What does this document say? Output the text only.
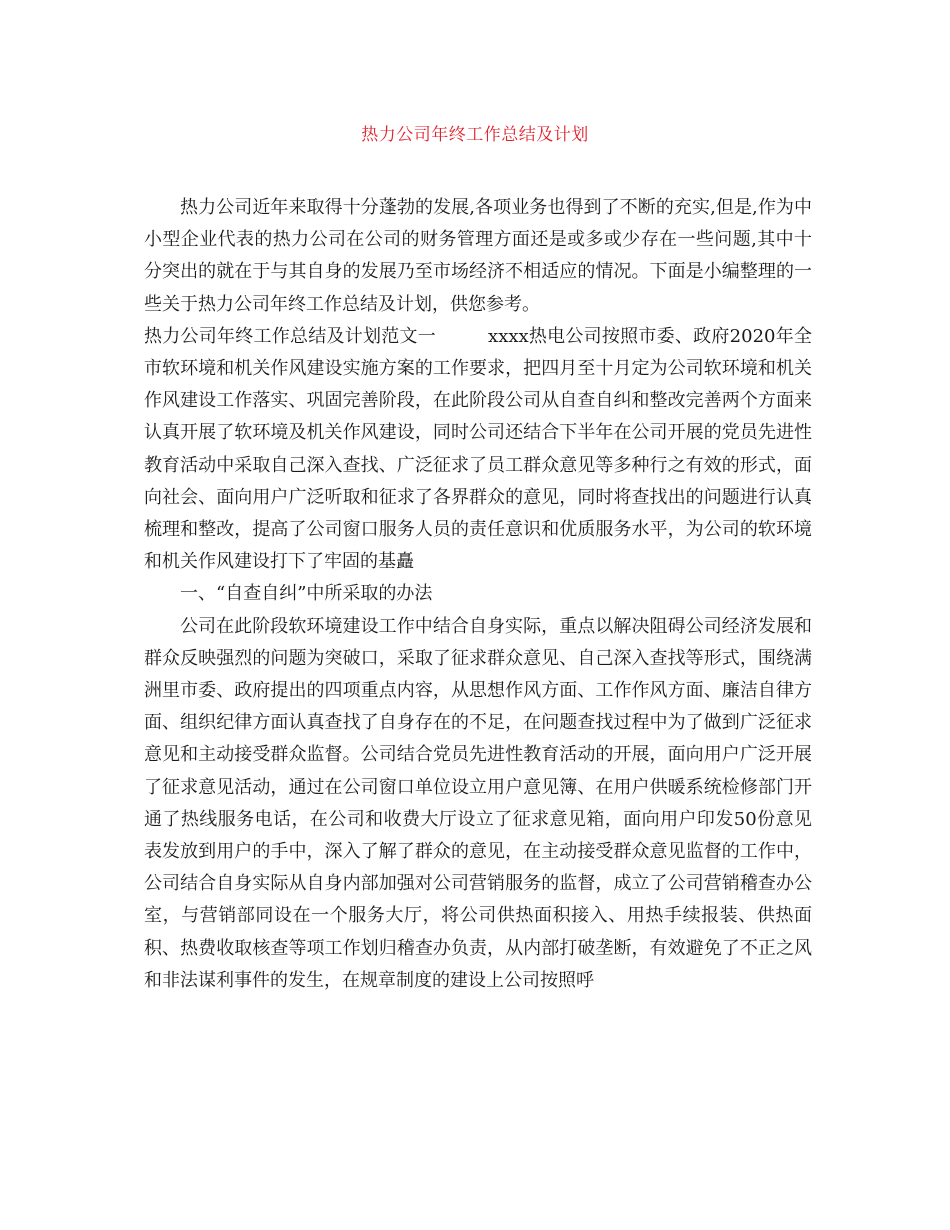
热力公司年终工作总结及计划

热力公司近年来取得十分蓬勃的发展,各项业务也得到了不断的充实,但是,作为中小型企业代表的热力公司在公司的财务管理方面还是或多或少存在一些问题,其中十分突出的就在于与其自身的发展乃至市场经济不相适应的情况。下面是小编整理的一些关于热力公司年终工作总结及计划，供您参考。

热力公司年终工作总结及计划范文一	xxxx热电公司按照市委、政府2020年全市软环境和机关作风建设实施方案的工作要求，把四月至十月定为公司软环境和机关作风建设工作落实、巩固完善阶段，在此阶段公司从自查自纠和整改完善两个方面来认真开展了软环境及机关作风建设，同时公司还结合下半年在公司开展的党员先进性教育活动中采取自己深入查找、广泛征求了员工群众意见等多种行之有效的形式，面向社会、面向用户广泛听取和征求了各界群众的意见，同时将查找出的问题进行认真梳理和整改，提高了公司窗口服务人员的责任意识和优质服务水平，为公司的软环境和机关作风建设打下了牢固的基矗

一、“自查自纠”中所采取的办法

公司在此阶段软环境建设工作中结合自身实际，重点以解决阻碍公司经济发展和群众反映强烈的问题为突破口，采取了征求群众意见、自己深入查找等形式，围绕满洲里市委、政府提出的四项重点内容，从思想作风方面、工作作风方面、廉洁自律方面、组织纪律方面认真查找了自身存在的不足，在问题查找过程中为了做到广泛征求意见和主动接受群众监督。公司结合党员先进性教育活动的开展，面向用户广泛开展了征求意见活动，通过在公司窗口单位设立用户意见簿、在用户供暖系统检修部门开通了热线服务电话，在公司和收费大厅设立了征求意见箱，面向用户印发50份意见表发放到用户的手中，深入了解了群众的意见，在主动接受群众意见监督的工作中，公司结合自身实际从自身内部加强对公司营销服务的监督，成立了公司营销稽查办公室，与营销部同设在一个服务大厅，将公司供热面积接入、用热手续报装、供热面积、热费收取核查等项工作划归稽查办负责，从内部打破垄断，有效避免了不正之风和非法谋利事件的发生，在规章制度的建设上公司按照呼
